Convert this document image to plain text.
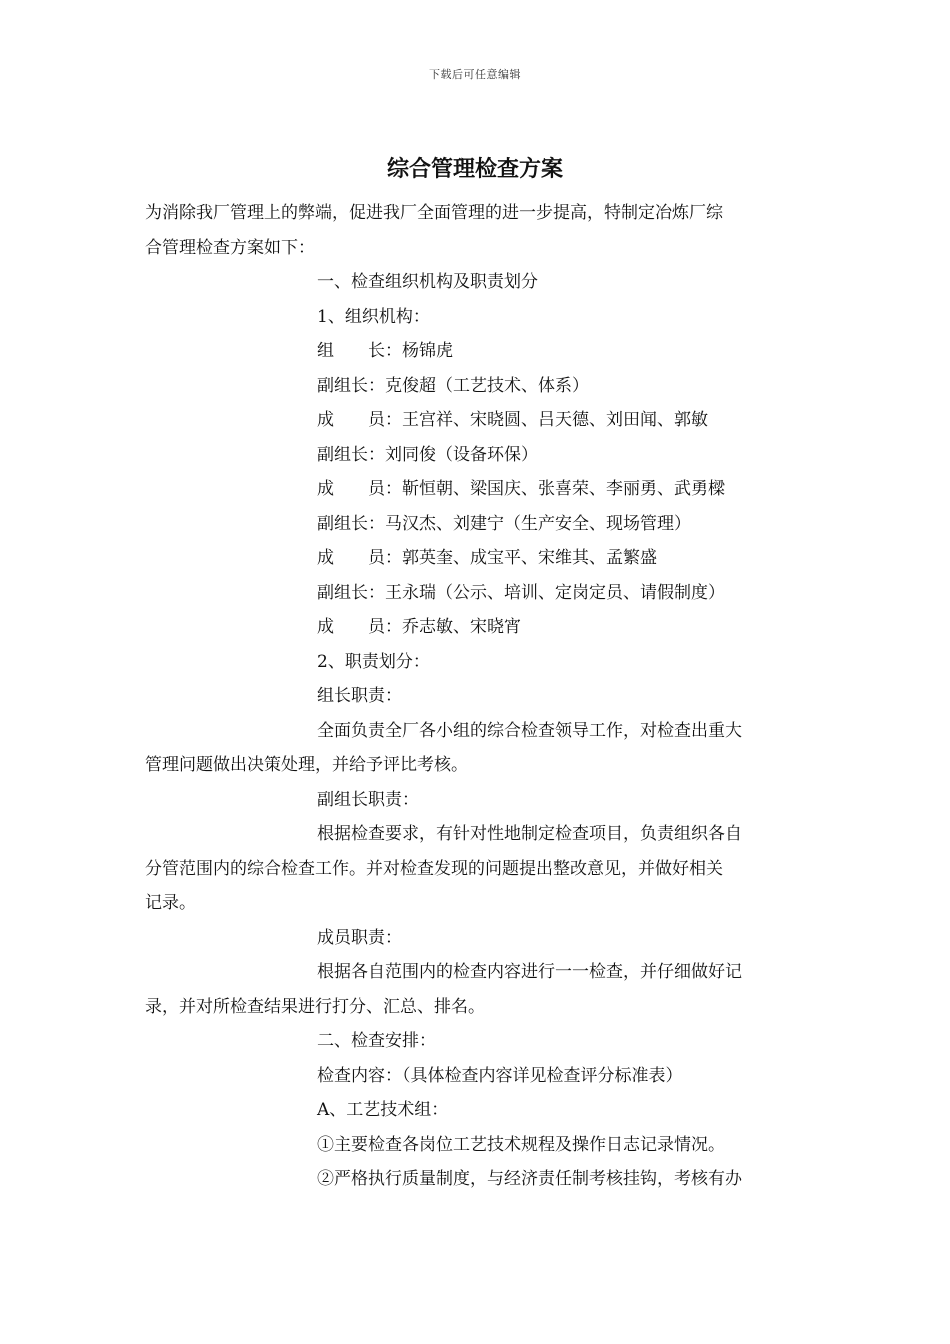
下载后可任意编辑
综合管理检查方案
为消除我厂管理上的弊端，促进我厂全面管理的进一步提高，特制定冶炼厂综
合管理检查方案如下：
一、检查组织机构及职责划分
1、组织机构：
组 长：杨锦虎
副组长：克俊超（工艺技术、体系）
成 员：王宫祥、宋晓圆、吕天德、刘田闻、郭敏
副组长：刘同俊（设备环保）
成 员：靳恒朝、梁国庆、张喜荣、李丽勇、武勇樑
副组长：马汉杰、刘建宁（生产安全、现场管理）
成 员：郭英奎、成宝平、宋维其、孟繁盛
副组长：王永瑞（公示、培训、定岗定员、请假制度）
成 员：乔志敏、宋晓宵
2、职责划分：
组长职责：
全面负责全厂各小组的综合检查领导工作，对检查出重大
管理问题做出决策处理，并给予评比考核。
副组长职责：
根据检查要求，有针对性地制定检查项目，负责组织各自
分管范围内的综合检查工作。并对检查发现的问题提出整改意见，并做好相关
记录。
成员职责：
根据各自范围内的检查内容进行一一检查，并仔细做好记
录，并对所检查结果进行打分、汇总、排名。
二、检查安排：
检查内容：（具体检查内容详见检查评分标准表）
A、工艺技术组：
①主要检查各岗位工艺技术规程及操作日志记录情况。
②严格执行质量制度，与经济责任制考核挂钩，考核有办
